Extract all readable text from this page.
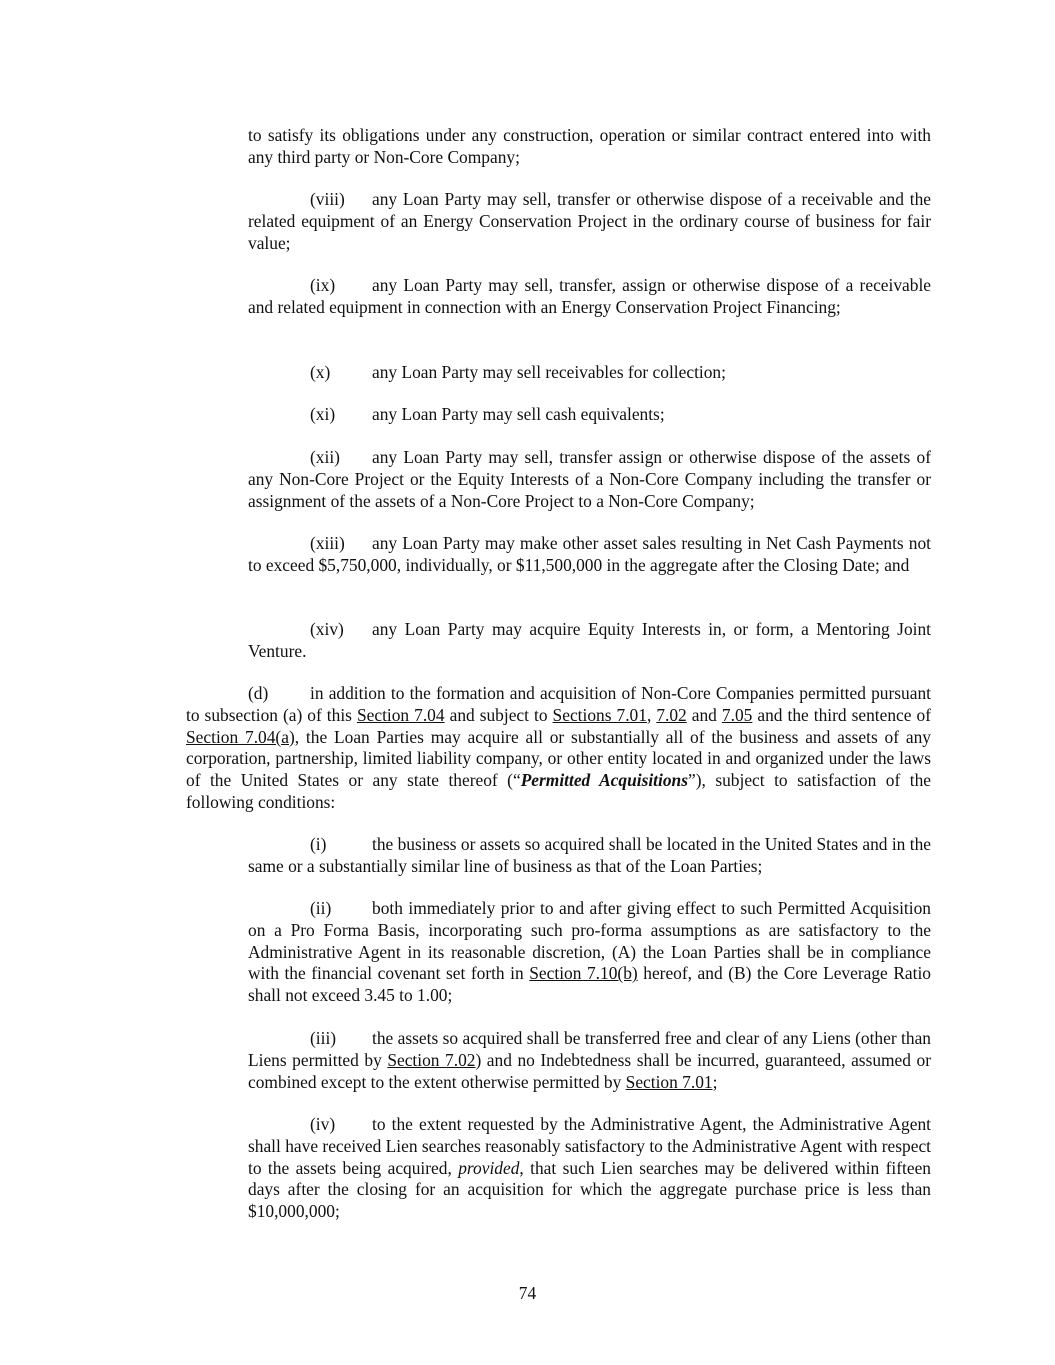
to satisfy its obligations under any construction, operation or similar contract entered into with any third party or Non-Core Company;

(viii) any Loan Party may sell, transfer or otherwise dispose of a receivable and the related equipment of an Energy Conservation Project in the ordinary course of business for fair value;

(ix) any Loan Party may sell, transfer, assign or otherwise dispose of a receivable and related equipment in connection with an Energy Conservation Project Financing;

(x) any Loan Party may sell receivables for collection;

(xi) any Loan Party may sell cash equivalents;

(xii) any Loan Party may sell, transfer assign or otherwise dispose of the assets of any Non-Core Project or the Equity Interests of a Non-Core Company including the transfer or assignment of the assets of a Non-Core Project to a Non-Core Company;

(xiii) any Loan Party may make other asset sales resulting in Net Cash Payments not to exceed $5,750,000, individually, or $11,500,000 in the aggregate after the Closing Date; and

(xiv) any Loan Party may acquire Equity Interests in, or form, a Mentoring Joint Venture.

(d) in addition to the formation and acquisition of Non-Core Companies permitted pursuant to subsection (a) of this Section 7.04 and subject to Sections 7.01, 7.02 and 7.05 and the third sentence of Section 7.04(a), the Loan Parties may acquire all or substantially all of the business and assets of any corporation, partnership, limited liability company, or other entity located in and organized under the laws of the United States or any state thereof (“Permitted Acquisitions”), subject to satisfaction of the following conditions:

(i)	the business or assets so acquired shall be located in the United States and in the same or a substantially similar line of business as that of the Loan Parties;

(ii) both immediately prior to and after giving effect to such Permitted Acquisition on a Pro Forma Basis, incorporating such pro-forma assumptions as are satisfactory to the Administrative Agent in its reasonable discretion, (A) the Loan Parties shall be in compliance with the financial covenant set forth in Section 7.10(b) hereof, and (B) the Core Leverage Ratio shall not exceed 3.45 to 1.00;

(iii) the assets so acquired shall be transferred free and clear of any Liens (other than Liens permitted by Section 7.02) and no Indebtedness shall be incurred, guaranteed, assumed or combined except to the extent otherwise permitted by Section 7.01;

(iv) to the extent requested by the Administrative Agent, the Administrative Agent shall have received Lien searches reasonably satisfactory to the Administrative Agent with respect to the assets being acquired, provided, that such Lien searches may be delivered within fifteen days after the closing for an acquisition for which the aggregate purchase price is less than $10,000,000;

74
